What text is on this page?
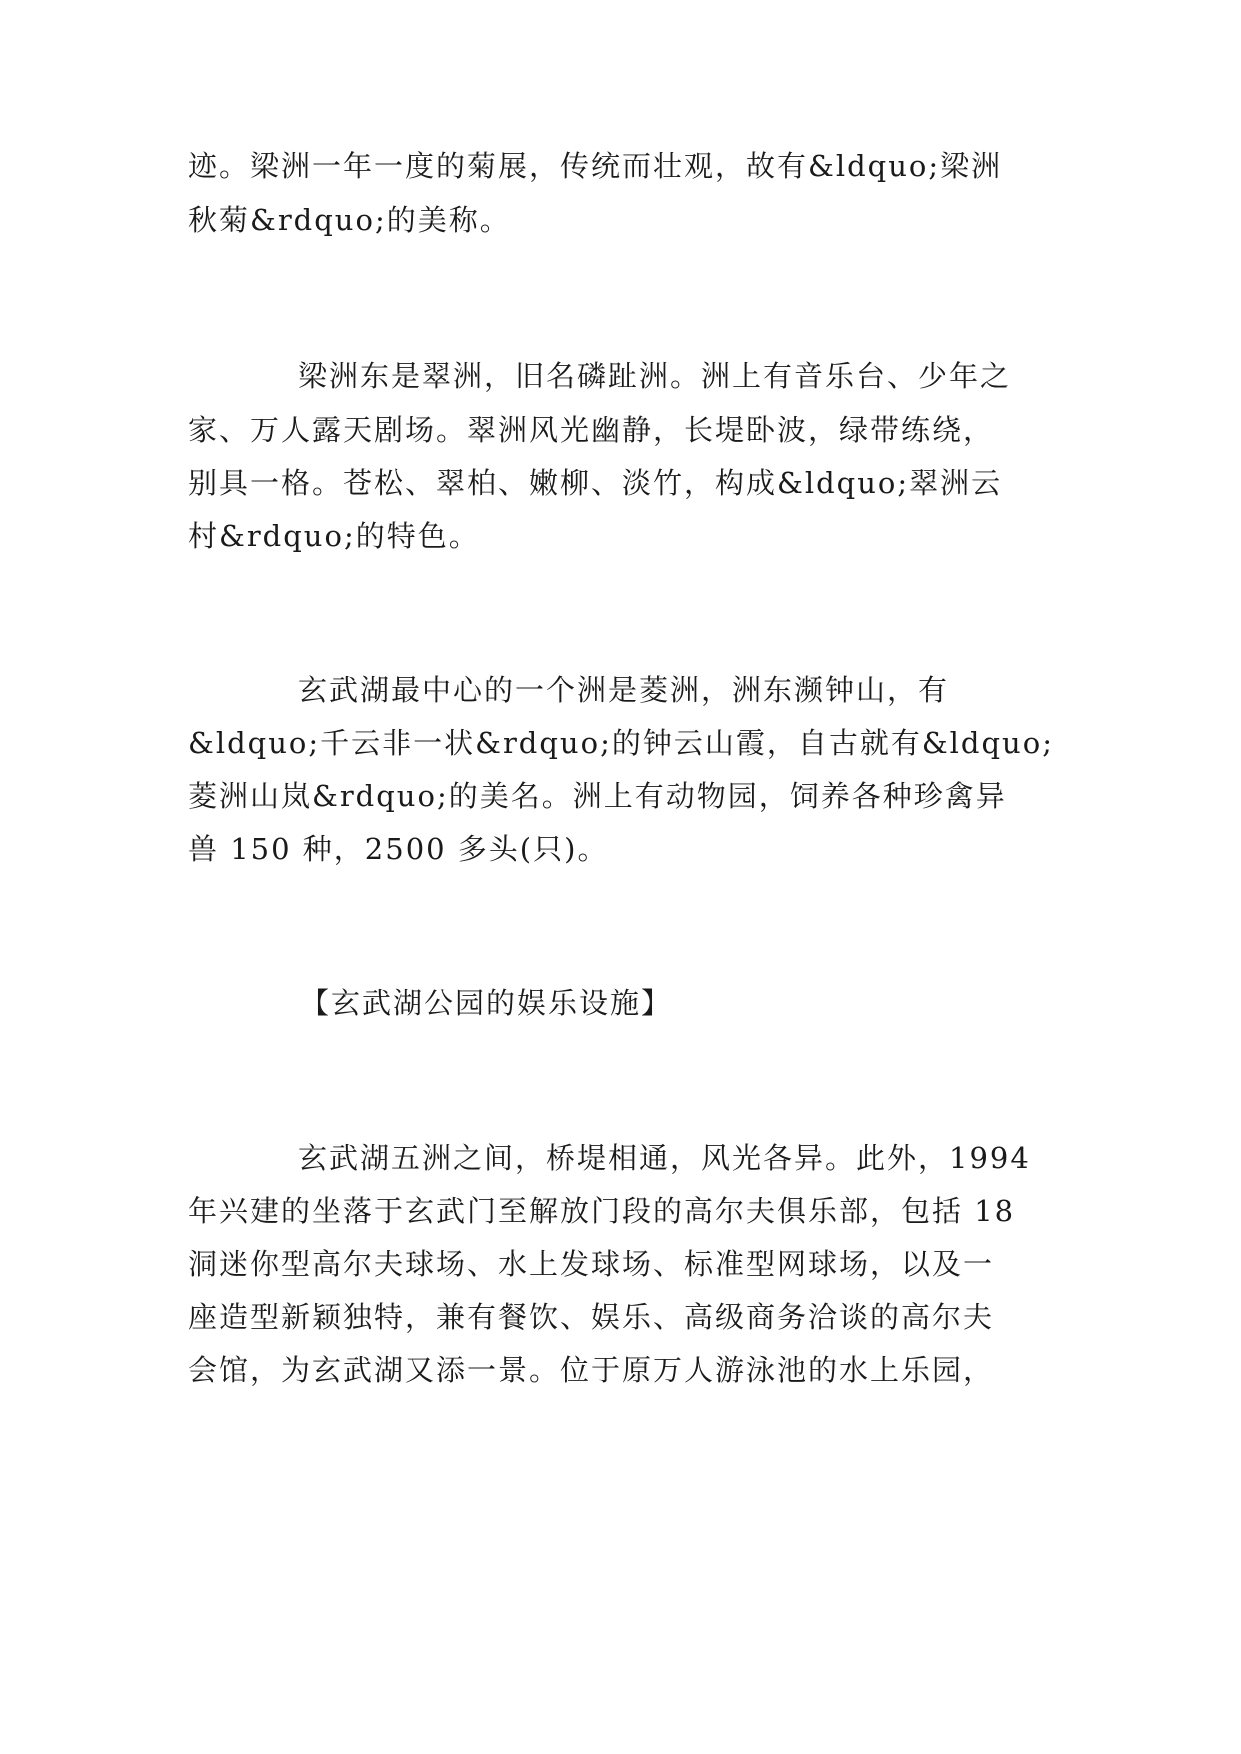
迹。梁洲一年一度的菊展，传统而壮观，故有&ldquo;梁洲
秋菊&rdquo;的美称。
梁洲东是翠洲，旧名磷趾洲。洲上有音乐台、少年之
家、万人露天剧场。翠洲风光幽静，长堤卧波，绿带练绕，
别具一格。苍松、翠柏、嫩柳、淡竹，构成&ldquo;翠洲云
村&rdquo;的特色。
玄武湖最中心的一个洲是菱洲，洲东濒钟山，有
&ldquo;千云非一状&rdquo;的钟云山霞，自古就有&ldquo;
菱洲山岚&rdquo;的美名。洲上有动物园，饲养各种珍禽异
兽 150 种，2500 多头(只)。
【玄武湖公园的娱乐设施】
玄武湖五洲之间，桥堤相通，风光各异。此外，1994
年兴建的坐落于玄武门至解放门段的高尔夫俱乐部，包括 18
洞迷你型高尔夫球场、水上发球场、标准型网球场，以及一
座造型新颖独特，兼有餐饮、娱乐、高级商务洽谈的高尔夫
会馆，为玄武湖又添一景。位于原万人游泳池的水上乐园，
